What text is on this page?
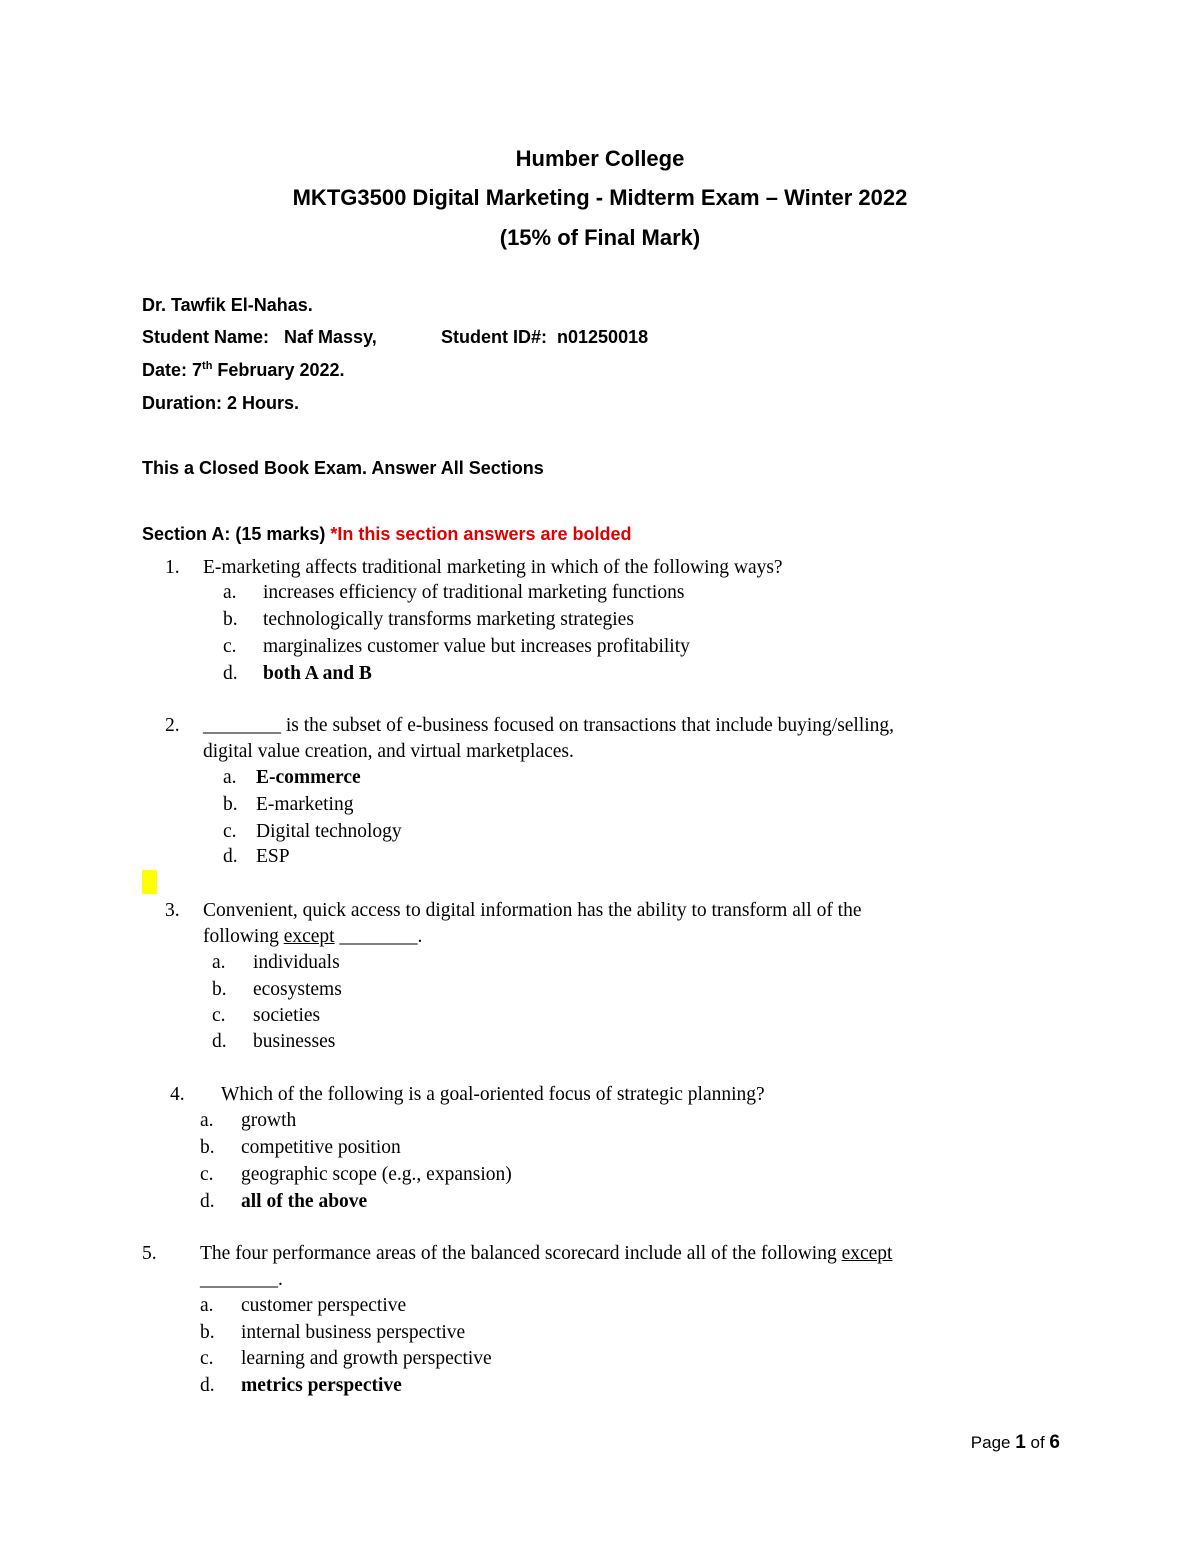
Humber College
MKTG3500 Digital Marketing - Midterm Exam – Winter 2022
(15% of Final Mark)
Dr. Tawfik El-Nahas.
Student Name: Naf Massy,	Student ID#: n01250018
Date: 7th February 2022.
Duration: 2 Hours.
This a Closed Book Exam. Answer All Sections
Section A: (15 marks) *In this section answers are bolded
1. E-marketing affects traditional marketing in which of the following ways?
a. increases efficiency of traditional marketing functions
b. technologically transforms marketing strategies
c. marginalizes customer value but increases profitability
d. both A and B
2. ________ is the subset of e-business focused on transactions that include buying/selling,
digital value creation, and virtual marketplaces.
a. E-commerce
b. E-marketing
c. Digital technology
d. ESP
3. Convenient, quick access to digital information has the ability to transform all of the
following except ________.
a. individuals
b. ecosystems
c. societies
d. businesses
4. Which of the following is a goal-oriented focus of strategic planning?
a. growth
b. competitive position
c. geographic scope (e.g., expansion)
d. all of the above
5. The four performance areas of the balanced scorecard include all of the following except
________.
a. customer perspective
b. internal business perspective
c. learning and growth perspective
d. metrics perspective
Page 1 of 6
